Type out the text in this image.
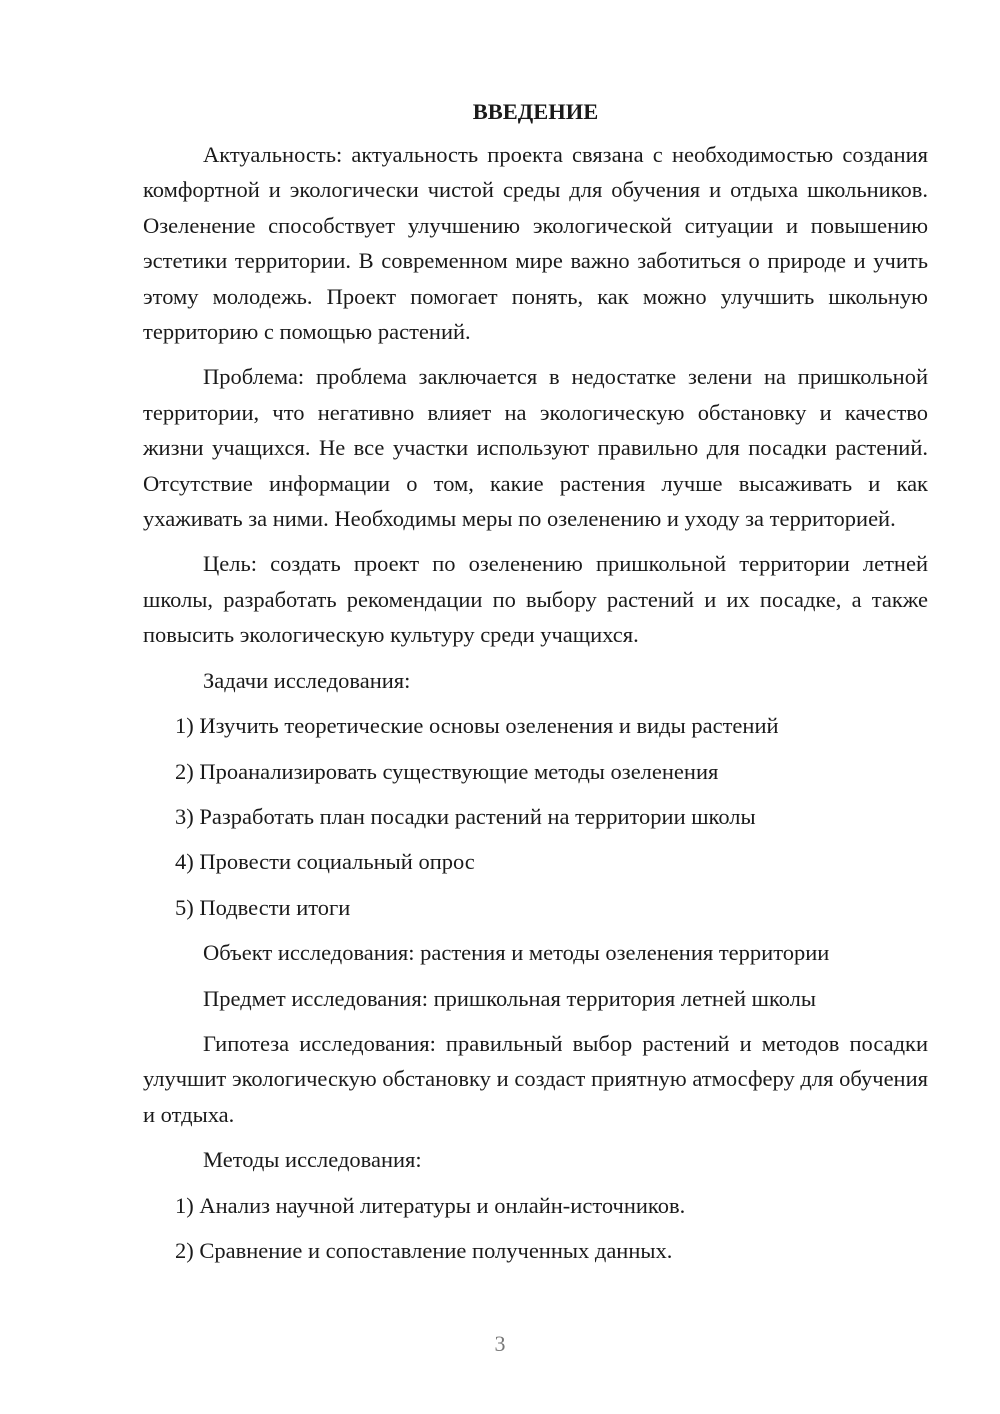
ВВЕДЕНИЕ

Актуальность: актуальность проекта связана с необходимостью создания комфортной и экологически чистой среды для обучения и отдыха школьников. Озеленение способствует улучшению экологической ситуации и повышению эстетики территории. В современном мире важно заботиться о природе и учить этому молодежь. Проект помогает понять, как можно улучшить школьную территорию с помощью растений.

Проблема: проблема заключается в недостатке зелени на пришкольной территории, что негативно влияет на экологическую обстановку и качество жизни учащихся. Не все участки используют правильно для посадки растений. Отсутствие информации о том, какие растения лучше высаживать и как ухаживать за ними. Необходимы меры по озеленению и уходу за территорией.

Цель: создать проект по озеленению пришкольной территории летней школы, разработать рекомендации по выбору растений и их посадке, а также повысить экологическую культуру среди учащихся.

Задачи исследования:
1) Изучить теоретические основы озеленения и виды растений
2) Проанализировать существующие методы озеленения
3) Разработать план посадки растений на территории школы
4) Провести социальный опрос
5) Подвести итоги
Объект исследования: растения и методы озеленения территории
Предмет исследования: пришкольная территория летней школы

Гипотеза исследования: правильный выбор растений и методов посадки улучшит экологическую обстановку и создаст приятную атмосферу для обучения и отдыха.

Методы исследования:
1) Анализ научной литературы и онлайн-источников.
2) Сравнение и сопоставление полученных данных.
3
